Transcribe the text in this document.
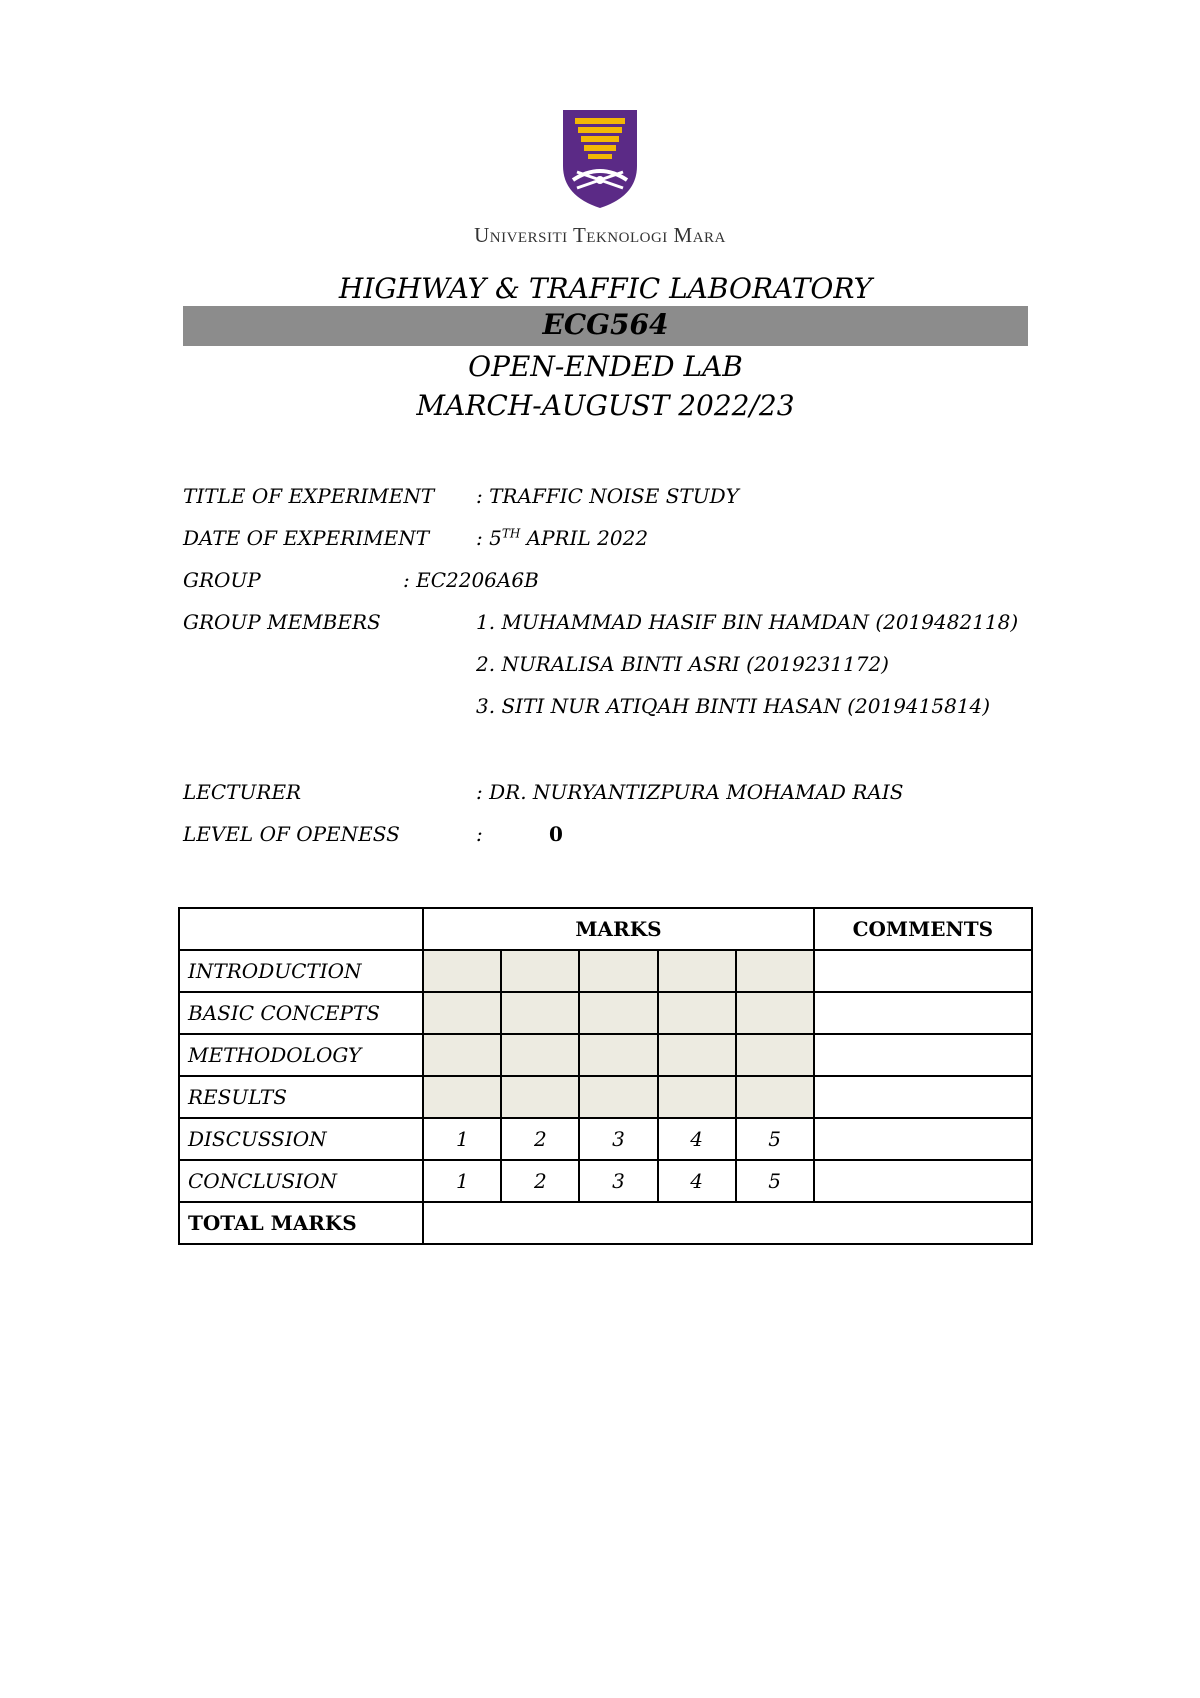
Universiti Teknologi Mara
HIGHWAY & TRAFFIC LABORATORY
ECG564
OPEN-ENDED LAB
MARCH-AUGUST 2022/23
TITLE OF EXPERIMENT : TRAFFIC NOISE STUDY
DATE OF EXPERIMENT : 5TH APRIL 2022
GROUP	: EC2206A6B
GROUP MEMBERS	1. MUHAMMAD HASIF BIN HAMDAN (2019482118)
2. NURALISA BINTI ASRI (2019231172)
3. SITI NUR ATIQAH BINTI HASAN (2019415814)
LECTURER	: DR. NURYANTIZPURA MOHAMAD RAIS
LEVEL OF OPENESS	:	0
	MARKS					COMMENTS
INTRODUCTION						
BASIC CONCEPTS						
METHODOLOGY						
RESULTS						
DISCUSSION	1	2	3	4	5	
CONCLUSION	1	2	3	4	5	
TOTAL MARKS						
